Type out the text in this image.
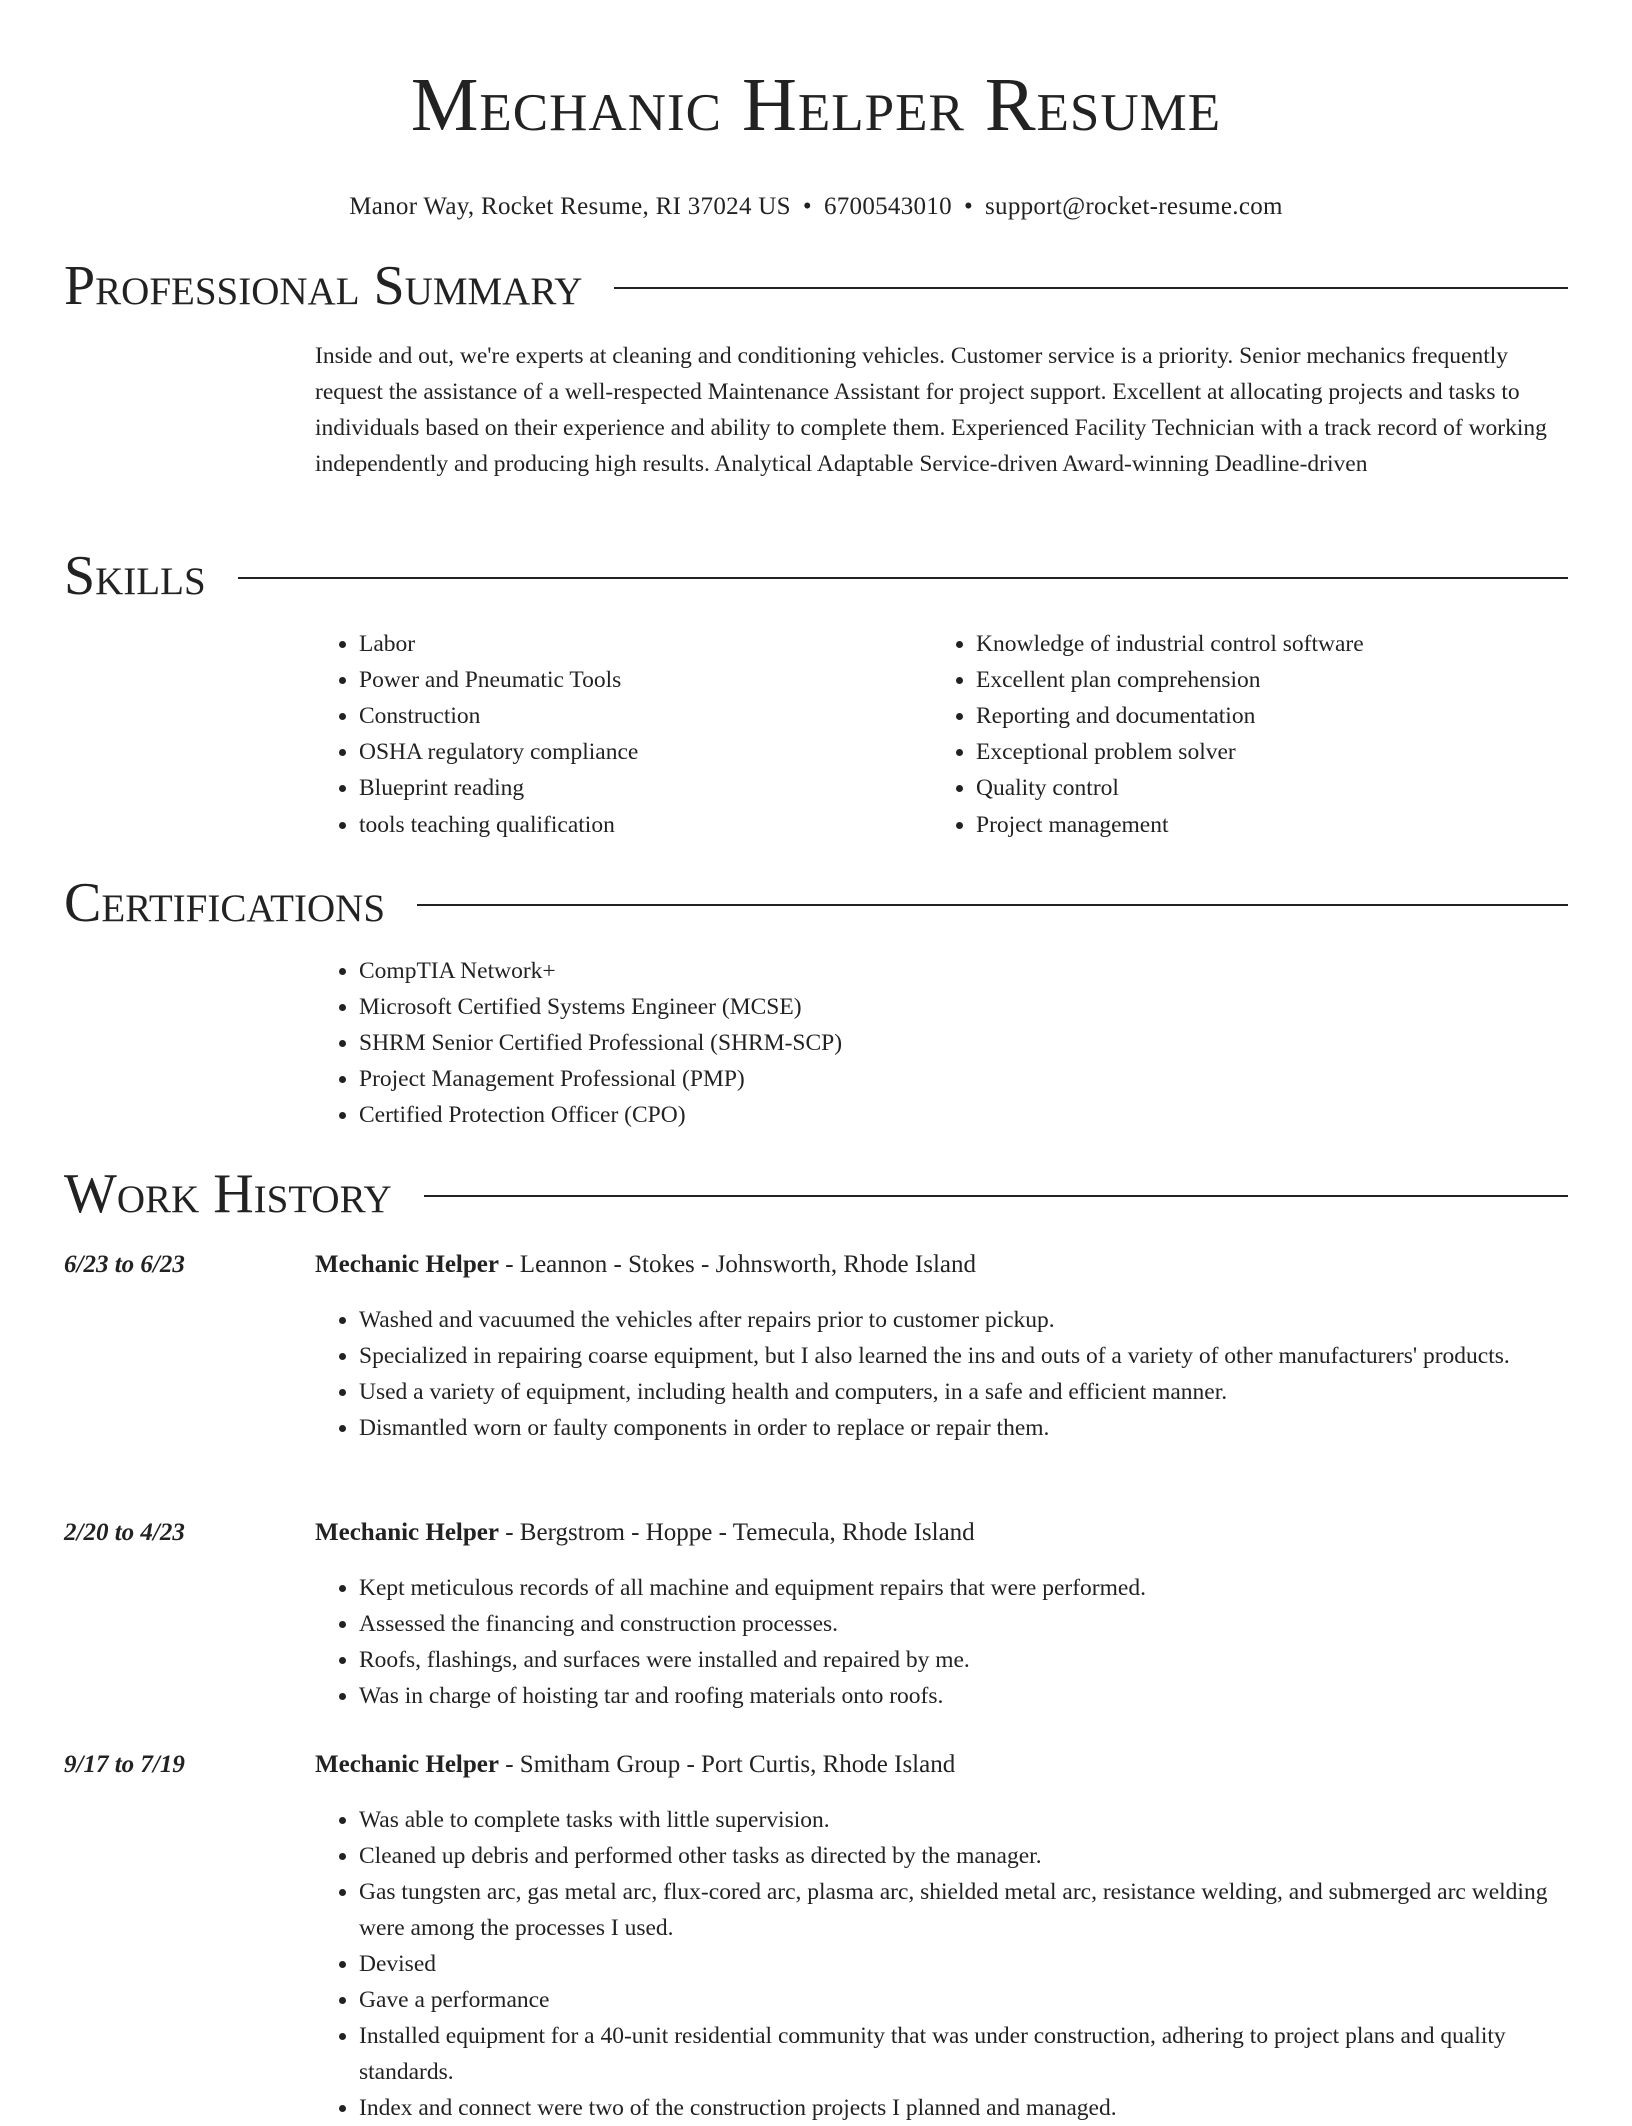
Mechanic Helper Resume
Manor Way, Rocket Resume, RI 37024 US • 6700543010 • support@rocket-resume.com
Professional Summary

Inside and out, we're experts at cleaning and conditioning vehicles. Customer service is a priority. Senior mechanics frequently request the assistance of a well-respected Maintenance Assistant for project support. Excellent at allocating projects and tasks to individuals based on their experience and ability to complete them. Experienced Facility Technician with a track record of working independently and producing high results. Analytical Adaptable Service-driven Award-winning Deadline-driven

Skills
• Labor
• Power and Pneumatic Tools
• Construction
• OSHA regulatory compliance
• Blueprint reading
• tools teaching qualification
• Knowledge of industrial control software
• Excellent plan comprehension
• Reporting and documentation
• Exceptional problem solver
• Quality control
• Project management
Certifications
• CompTIA Network+
• Microsoft Certified Systems Engineer (MCSE)
• SHRM Senior Certified Professional (SHRM-SCP)
• Project Management Professional (PMP)
• Certified Protection Officer (CPO)
Work History
6/23 to 6/23	Mechanic Helper - Leannon - Stokes - Johnsworth, Rhode Island
• Washed and vacuumed the vehicles after repairs prior to customer pickup.
• Specialized in repairing coarse equipment, but I also learned the ins and outs of a variety of other manufacturers' products.
• Used a variety of equipment, including health and computers, in a safe and efficient manner.
• Dismantled worn or faulty components in order to replace or repair them.
2/20 to 4/23	Mechanic Helper - Bergstrom - Hoppe - Temecula, Rhode Island
• Kept meticulous records of all machine and equipment repairs that were performed.
• Assessed the financing and construction processes.
• Roofs, flashings, and surfaces were installed and repaired by me.
• Was in charge of hoisting tar and roofing materials onto roofs.
9/17 to 7/19	Mechanic Helper - Smitham Group - Port Curtis, Rhode Island
• Was able to complete tasks with little supervision.
• Cleaned up debris and performed other tasks as directed by the manager.
• Gas tungsten arc, gas metal arc, flux-cored arc, plasma arc, shielded metal arc, resistance welding, and submerged arc welding were among the processes I used.
• Devised
• Gave a performance
• Installed equipment for a 40-unit residential community that was under construction, adhering to project plans and quality standards.
• Index and connect were two of the construction projects I planned and managed.
